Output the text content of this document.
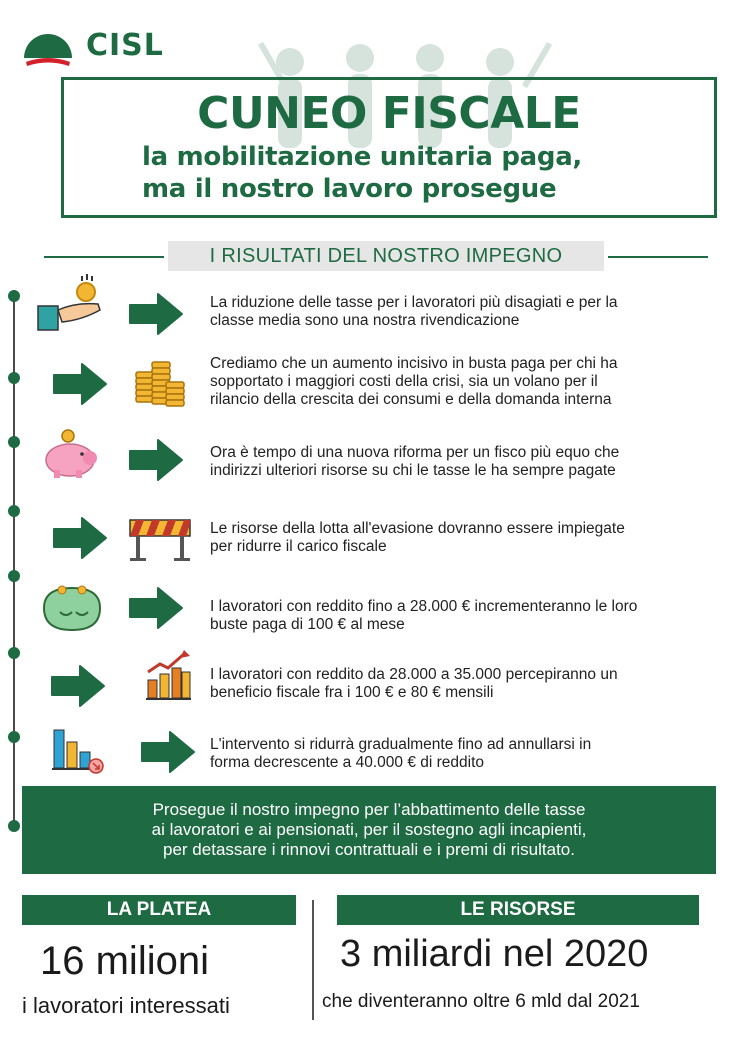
CISL
CUNEO FISCALE
la mobilitazione unitaria paga,
ma il nostro lavoro prosegue
I RISULTATI DEL NOSTRO IMPEGNO
La riduzione delle tasse per i lavoratori più disagiati e per la
classe media sono una nostra rivendicazione
Crediamo che un aumento incisivo in busta paga per chi ha
sopportato i maggiori costi della crisi, sia un volano per il
rilancio della crescita dei consumi e della domanda interna
Ora è tempo di una nuova riforma per un fisco più equo che
indirizzi ulteriori risorse su chi le tasse le ha sempre pagate
Le risorse della lotta all'evasione dovranno essere impiegate
per ridurre il carico fiscale
I lavoratori con reddito fino a 28.000 € incrementeranno le loro
buste paga di 100 € al mese
I lavoratori con reddito da 28.000 a 35.000 percepiranno un
beneficio fiscale fra i 100 € e 80 € mensili
L'intervento si ridurrà gradualmente fino ad annullarsi in
forma decrescente a 40.000 € di reddito
Prosegue il nostro impegno per l’abbattimento delle tasse
ai lavoratori e ai pensionati, per il sostegno agli incapienti,
per detassare i rinnovi contrattuali e i premi di risultato.
LA PLATEA
16 milioni
i lavoratori interessati
LE RISORSE
3 miliardi nel 2020
che diventeranno oltre 6 mld dal 2021
